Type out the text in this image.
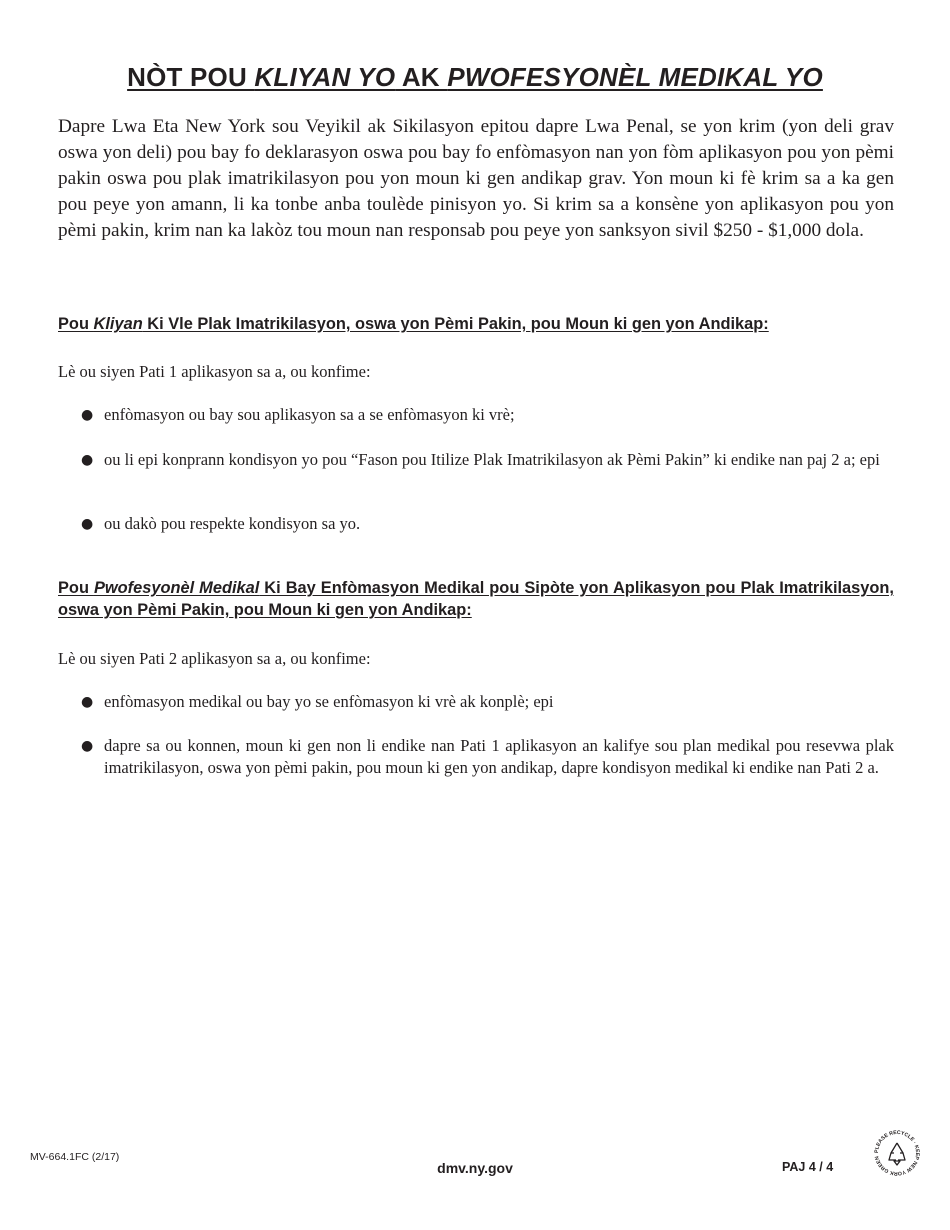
NÒT POU KLIYAN YO AK PWOFESYONÈL MEDIKAL YO

Dapre Lwa Eta New York sou Veyikil ak Sikilasyon epitou dapre Lwa Penal, se yon krim (yon deli grav oswa yon deli) pou bay fo deklarasyon oswa pou bay fo enfòmasyon nan yon fòm aplikasyon pou yon pèmi pakin oswa pou plak imatrikilasyon pou yon moun ki gen andikap grav. Yon moun ki fè krim sa a ka gen pou peye yon amann, li ka tonbe anba toulède pinisyon yo. Si krim sa a konsène yon aplikasyon pou yon pèmi pakin, krim nan ka lakòz tou moun nan responsab pou peye yon sanksyon sivil $250 - $1,000 dola.

Pou Kliyan Ki Vle Plak Imatrikilasyon, oswa yon Pèmi Pakin, pou Moun ki gen yon Andikap:

Lè ou siyen Pati 1 aplikasyon sa a, ou konfime:

● enfòmasyon ou bay sou aplikasyon sa a se enfòmasyon ki vrè;
● ou li epi konprann kondisyon yo pou “Fason pou Itilize Plak Imatrikilasyon ak Pèmi Pakin” ki endike nan paj 2 a; epi
● ou dakò pou respekte kondisyon sa yo.
Pou Pwofesyonèl Medikal Ki Bay Enfòmasyon Medikal pou Sipòte yon Aplikasyon pou Plak Imatrikilasyon, oswa yon Pèmi Pakin, pou Moun ki gen yon Andikap:

Lè ou siyen Pati 2 aplikasyon sa a, ou konfime:

● enfòmasyon medikal ou bay yo se enfòmasyon ki vrè ak konplè; epi
● dapre sa ou konnen, moun ki gen non li endike nan Pati 1 aplikasyon an kalifye sou plan medikal pou resevwa plak imatrikilasyon, oswa yon pèmi pakin, pou moun ki gen yon andikap, dapre kondisyon medikal ki endike nan Pati 2 a.
MV-664.1FC (2/17)
dmv.ny.gov	PAJ 4 / 4
PLEASE RECYCLE · KEEP NEW YORK GREEN
